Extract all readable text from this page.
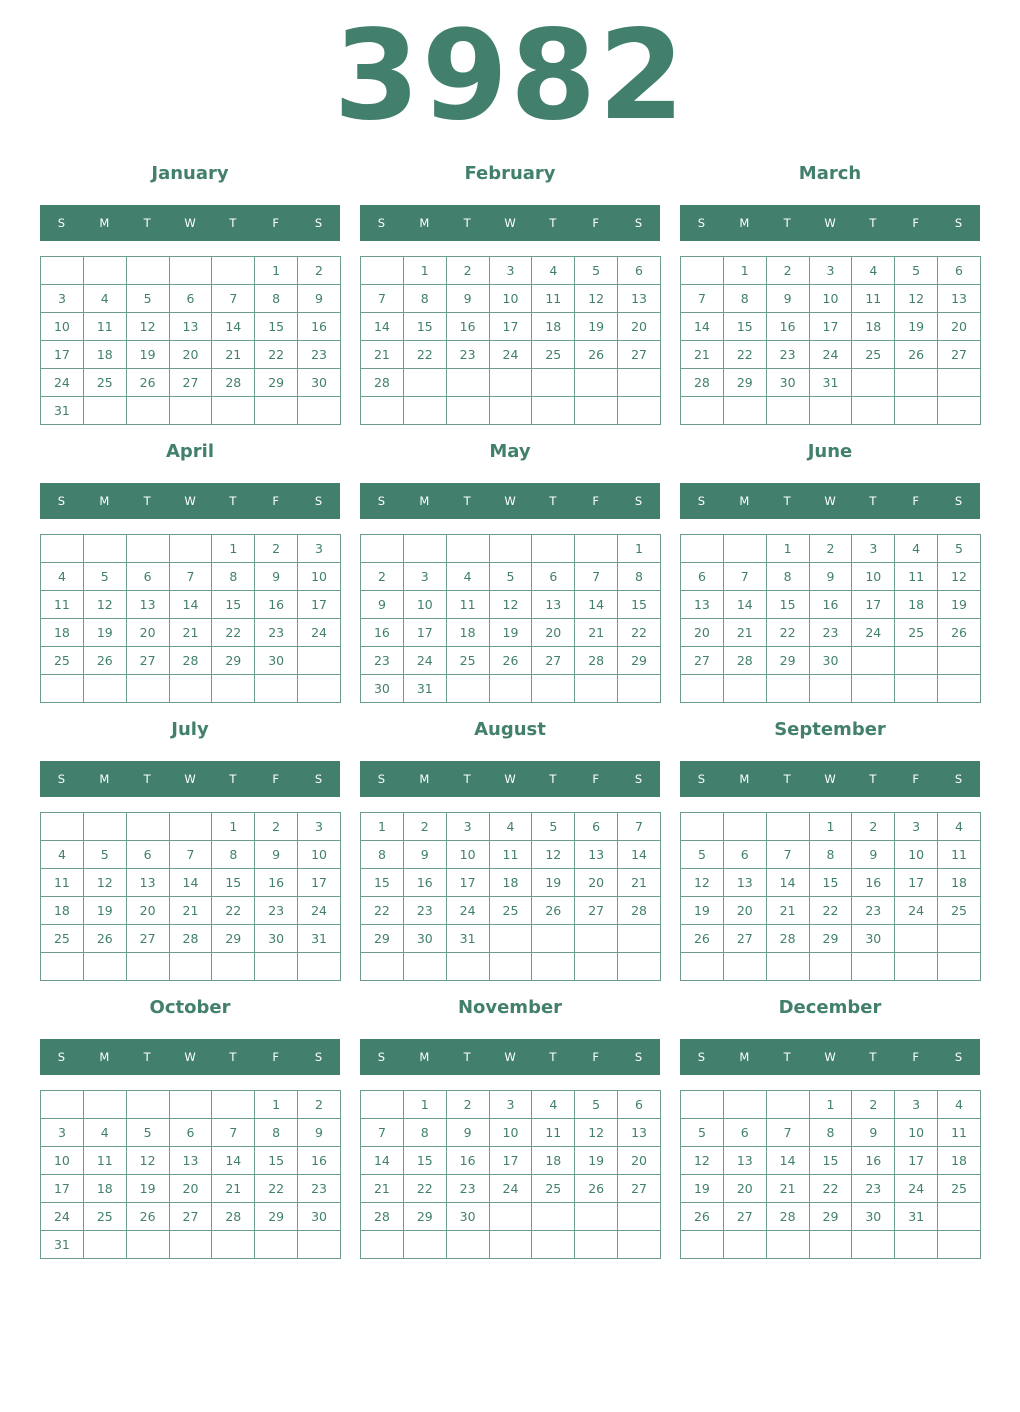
3982
January
S	M	T	W	T	F	S
					1	2
3	4	5	6	7	8	9
10	11	12	13	14	15	16
17	18	19	20	21	22	23
24	25	26	27	28	29	30
31						
February
S	M	T	W	T	F	S
	1	2	3	4	5	6
7	8	9	10	11	12	13
14	15	16	17	18	19	20
21	22	23	24	25	26	27
28						

March
S	M	T	W	T	F	S
	1	2	3	4	5	6
7	8	9	10	11	12	13
14	15	16	17	18	19	20
21	22	23	24	25	26	27
28	29	30	31			

April
S	M	T	W	T	F	S
				1	2	3
4	5	6	7	8	9	10
11	12	13	14	15	16	17
18	19	20	21	22	23	24
25	26	27	28	29	30	

May
S	M	T	W	T	F	S
						1
2	3	4	5	6	7	8
9	10	11	12	13	14	15
16	17	18	19	20	21	22
23	24	25	26	27	28	29
30	31					
June
S	M	T	W	T	F	S
		1	2	3	4	5
6	7	8	9	10	11	12
13	14	15	16	17	18	19
20	21	22	23	24	25	26
27	28	29	30			

July
S	M	T	W	T	F	S
				1	2	3
4	5	6	7	8	9	10
11	12	13	14	15	16	17
18	19	20	21	22	23	24
25	26	27	28	29	30	31

August
S	M	T	W	T	F	S
1	2	3	4	5	6	7
8	9	10	11	12	13	14
15	16	17	18	19	20	21
22	23	24	25	26	27	28
29	30	31				

September
S	M	T	W	T	F	S
			1	2	3	4
5	6	7	8	9	10	11
12	13	14	15	16	17	18
19	20	21	22	23	24	25
26	27	28	29	30		

October
S	M	T	W	T	F	S
					1	2
3	4	5	6	7	8	9
10	11	12	13	14	15	16
17	18	19	20	21	22	23
24	25	26	27	28	29	30
31						
November
S	M	T	W	T	F	S
	1	2	3	4	5	6
7	8	9	10	11	12	13
14	15	16	17	18	19	20
21	22	23	24	25	26	27
28	29	30				

December
S	M	T	W	T	F	S
			1	2	3	4
5	6	7	8	9	10	11
12	13	14	15	16	17	18
19	20	21	22	23	24	25
26	27	28	29	30	31	
